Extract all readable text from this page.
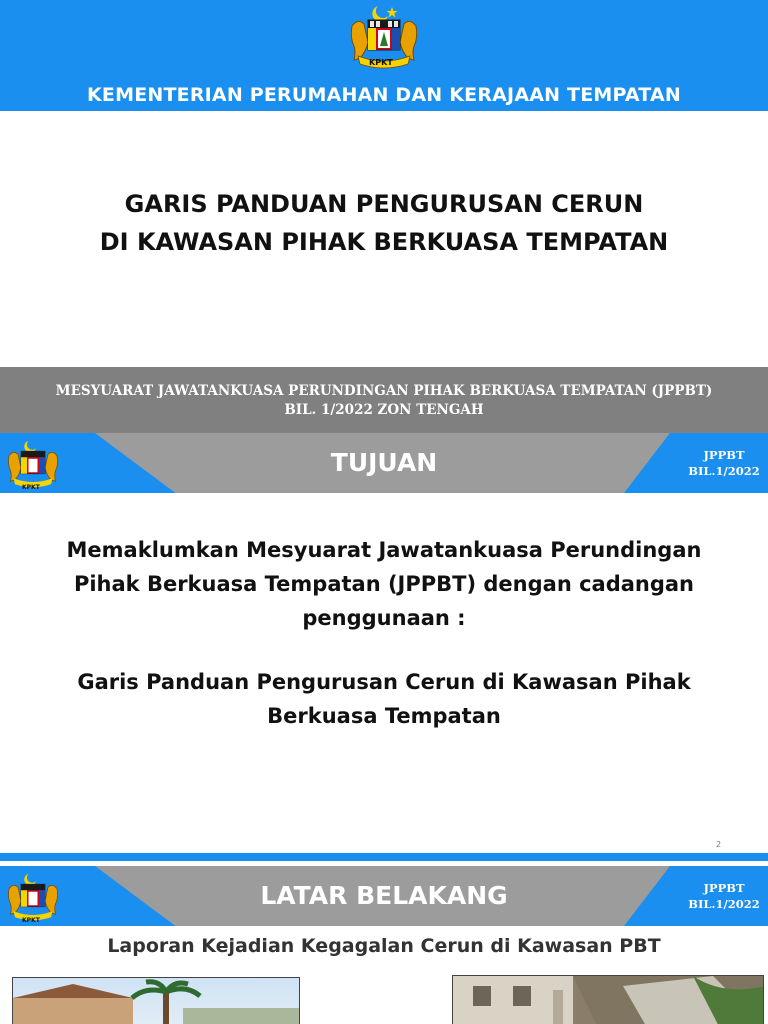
KPKT
KEMENTERIAN PERUMAHAN DAN KERAJAAN TEMPATAN
GARIS PANDUAN PENGURUSAN CERUN
DI KAWASAN PIHAK BERKUASA TEMPATAN
MESYUARAT JAWATANKUASA PERUNDINGAN PIHAK BERKUASA TEMPATAN (JPPBT)
BIL. 1/2022 ZON TENGAH
KPKT
TUJUAN	JPPBT
BIL.1/2022
Memaklumkan Mesyuarat Jawatankuasa Perundingan
Pihak Berkuasa Tempatan (JPPBT) dengan cadangan
penggunaan :
Garis Panduan Pengurusan Cerun di Kawasan Pihak
Berkuasa Tempatan
2
KPKT
LATAR BELAKANG	JPPBT
BIL.1/2022
Laporan Kejadian Kegagalan Cerun di Kawasan PBT
